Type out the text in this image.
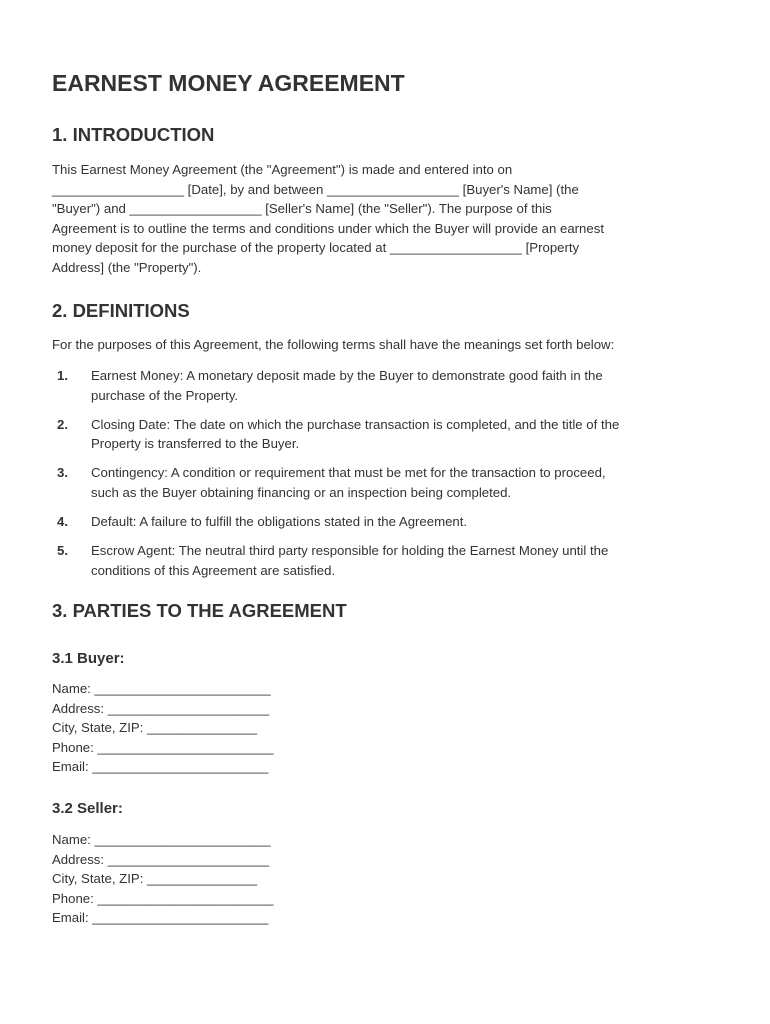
EARNEST MONEY AGREEMENT
1. INTRODUCTION
This Earnest Money Agreement (the "Agreement") is made and entered into on
__________________ [Date], by and between __________________ [Buyer's Name] (the
"Buyer") and __________________ [Seller's Name] (the "Seller"). The purpose of this
Agreement is to outline the terms and conditions under which the Buyer will provide an earnest
money deposit for the purchase of the property located at __________________ [Property
Address] (the "Property").
2. DEFINITIONS
For the purposes of this Agreement, the following terms shall have the meanings set forth below:
1. Earnest Money: A monetary deposit made by the Buyer to demonstrate good faith in the
purchase of the Property.
2. Closing Date: The date on which the purchase transaction is completed, and the title of the
Property is transferred to the Buyer.
3. Contingency: A condition or requirement that must be met for the transaction to proceed,
such as the Buyer obtaining financing or an inspection being completed.
4. Default: A failure to fulfill the obligations stated in the Agreement.
5. Escrow Agent: The neutral third party responsible for holding the Earnest Money until the
conditions of this Agreement are satisfied.
3. PARTIES TO THE AGREEMENT
3.1 Buyer:
Name: ________________________
Address: ______________________
City, State, ZIP: _______________
Phone: ________________________
Email: ________________________
3.2 Seller:
Name: ________________________
Address: ______________________
City, State, ZIP: _______________
Phone: ________________________
Email: ________________________
